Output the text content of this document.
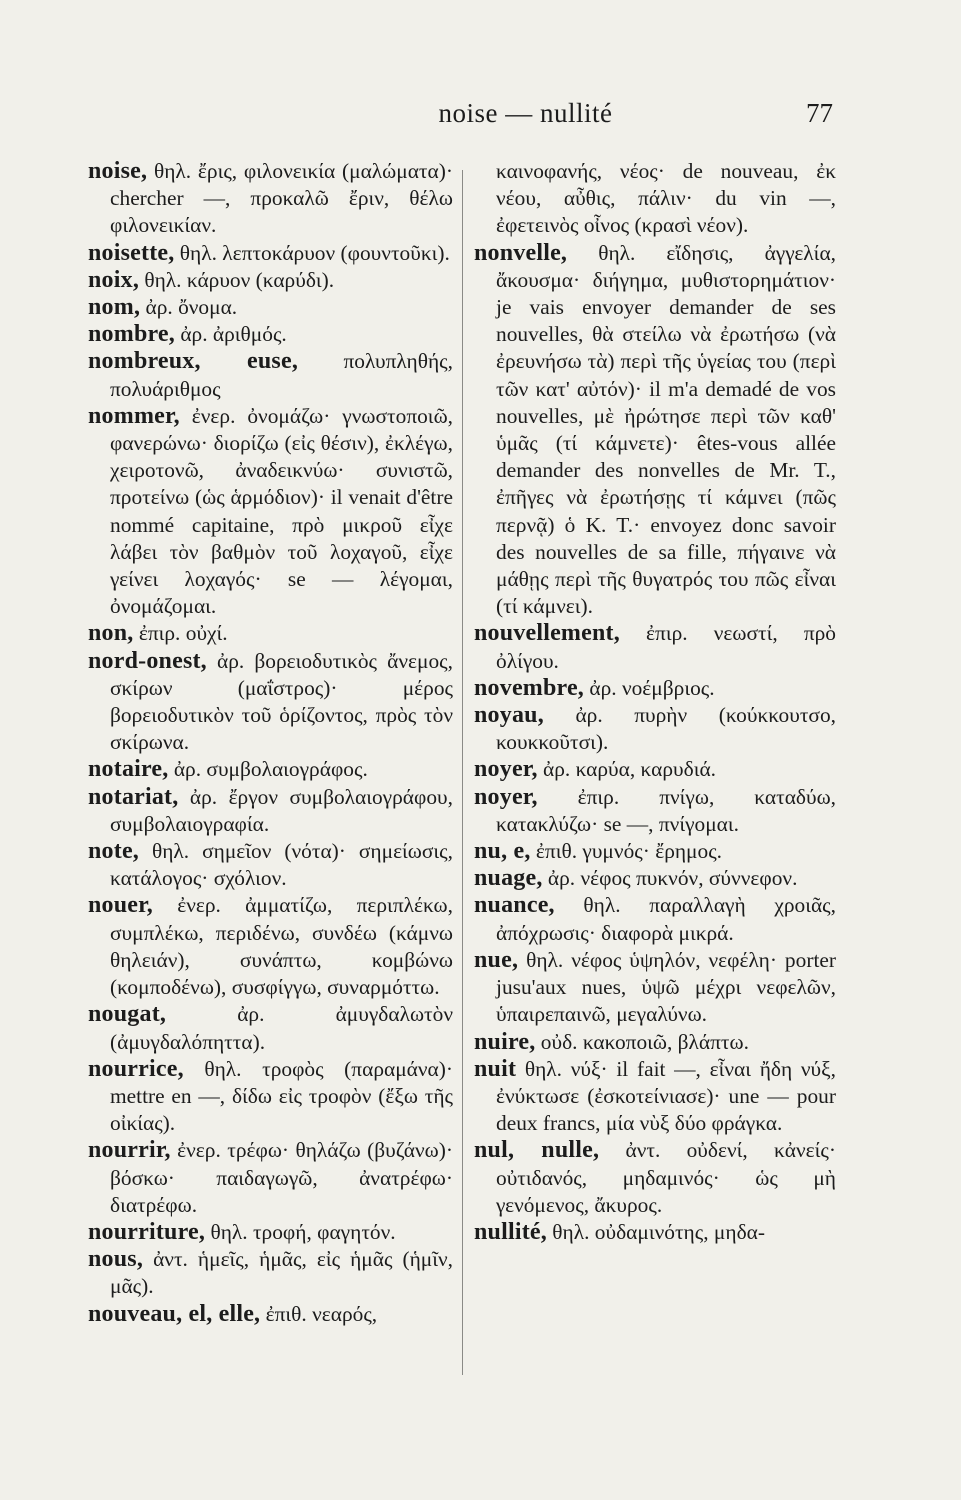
noise — nullité	77

noise, θηλ. ἔρις, φιλονεικία (μαλώματα)· chercher —, προκαλῶ ἔριν, θέλω φιλονεικίαν.

noisette, θηλ. λεπτοκάρυον (φουντοῦκι).

noix, θηλ. κάρυον (καρύδι).

nom, ἀρ. ὄνομα.

nombre, ἀρ. ἀριθμός.

nombreux, euse, πολυπληθής, πολυάριθμος

nommer, ἐνερ. ὀνομάζω· γνωστοποιῶ, φανερώνω· διορίζω (εἰς θέσιν), ἐκλέγω, χειροτονῶ, ἀναδεικνύω· συνιστῶ, προτείνω (ὡς ἁρμόδιον)· il venait d'être nommé capitaine, πρὸ μικροῦ εἶχε λάβει τὸν βαθμὸν τοῦ λοχαγοῦ, εἶχε γείνει λοχαγός· se — λέγομαι, ὀνομάζομαι.

non, ἐπιρ. οὐχί.

nord-onest, ἀρ. βορειοδυτικὸς ἄνεμος, σκίρων (μαΐστρος)· μέρος βορειοδυτικὸν τοῦ ὁρίζοντος, πρὸς τὸν σκίρωνα.

notaire, ἀρ. συμβολαιογράφος.

notariat, ἀρ. ἔργον συμβολαιογράφου, συμβολαιογραφία.

note, θηλ. σημεῖον (νότα)· σημείωσις, κατάλογος· σχόλιον.

nouer, ἐνερ. ἀμματίζω, περιπλέκω, συμπλέκω, περιδένω, συνδέω (κάμνω θηλειάν), συνάπτω, κομβώνω (κομποδένω), συσφίγγω, συναρμόττω.

nougat, ἀρ. ἀμυγδαλωτὸν (ἀμυγδαλόπηττα).

nourrice, θηλ. τροφὸς (παραμάνα)· mettre en —, δίδω εἰς τροφὸν (ἔξω τῆς οἰκίας).

nourrir, ἐνερ. τρέφω· θηλάζω (βυζάνω)· βόσκω· παιδαγωγῶ, ἀνατρέφω· διατρέφω.

nourriture, θηλ. τροφή, φαγητόν.

nous, ἀντ. ἡμεῖς, ἡμᾶς, εἰς ἡμᾶς (ἡμῖν, μᾶς).

nouveau, el, elle, ἐπιθ. νεαρός,

καινοφανής, νέος· de nouveau, ἐκ νέου, αὖθις, πάλιν· du vin —, ἐφετεινὸς οἶνος (κρασὶ νέον).

nonvelle, θηλ. εἴδησις, ἀγγελία, ἄκουσμα· διήγημα, μυθιστορημάτιον· je vais envoyer demander de ses nouvelles, θὰ στείλω νὰ ἐρωτήσω (νὰ ἐρευνήσω τὰ) περὶ τῆς ὑγείας του (περὶ τῶν κατ' αὐτόν)· il m'a demadé de vos nouvelles, μὲ ἠρώτησε περὶ τῶν καθ' ὑμᾶς (τί κάμνετε)· êtes-vous allée demander des nonvelles de Mr. T., ἐπῆγες νὰ ἐρωτήσῃς τί κάμνει (πῶς περνᾷ) ὁ K. T.· envoyez donc savoir des nouvelles de sa fille, πήγαινε νὰ μάθῃς περὶ τῆς θυγατρός του πῶς εἶναι (τί κάμνει).

nouvellement, ἐπιρ. νεωστί, πρὸ ὀλίγου.

novembre, ἀρ. νοέμβριος.

noyau, ἀρ. πυρὴν (κούκκουτσο, κουκκοῦτσι).

noyer, ἀρ. καρύα, καρυδιά.

noyer, ἐπιρ. πνίγω, καταδύω, κατακλύζω· se —, πνίγομαι.

nu, e, ἐπιθ. γυμνός· ἔρημος.

nuage, ἀρ. νέφος πυκνόν, σύννεφον.

nuance, θηλ. παραλλαγὴ χροιᾶς, ἀπόχρωσις· διαφορὰ μικρά.

nue, θηλ. νέφος ὑψηλόν, νεφέλη· porter jusu'aux nues, ὑψῶ μέχρι νεφελῶν, ὑπαιρεπαινῶ, μεγαλύνω.

nuire, οὐδ. κακοποιῶ, βλάπτω.

nuit θηλ. νύξ· il fait —, εἶναι ἤδη νύξ, ἐνύκτωσε (ἐσκοτείνιασε)· une — pour deux francs, μία νὺξ δύο φράγκα.

nul, nulle, ἀντ. οὐδενί, κἀνείς· οὐτιδανός, μηδαμινός· ὡς μὴ γενόμενος, ἄκυρος.

nullité, θηλ. οὐδαμινότης, μηδα-
